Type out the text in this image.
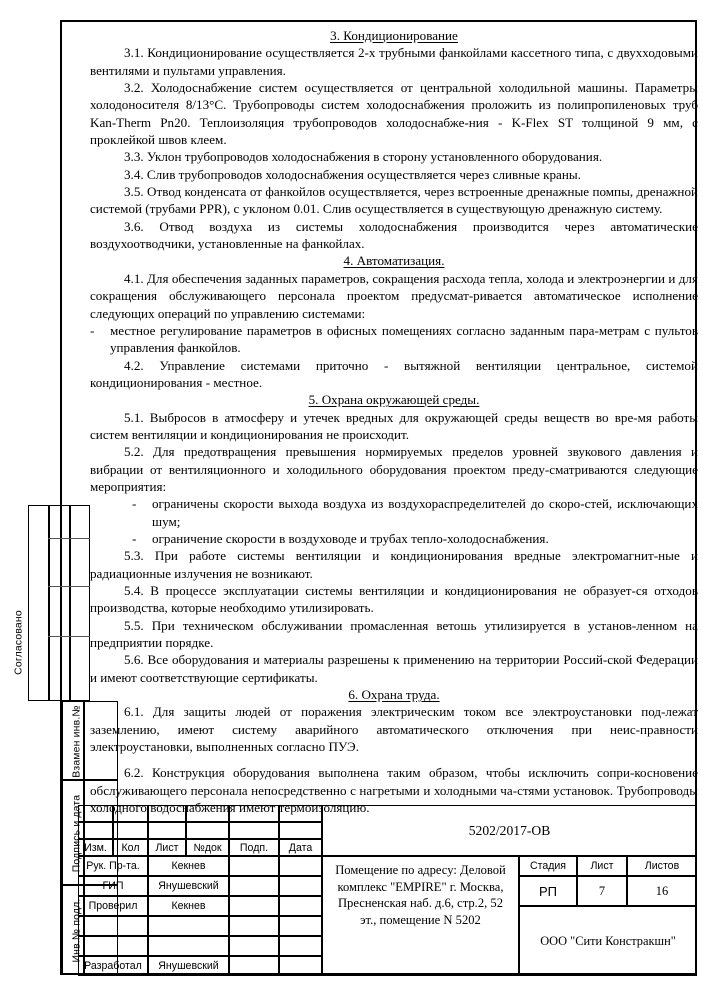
3. Кондиционирование

3.1. Кондиционирование осуществляется 2-х трубными фанкойлами кассетного типа, с двухходовыми вентилями и пультами управления.

3.2. Холодоснабжение систем осуществляется от центральной холодильной машины. Параметры холодоносителя 8/13°С. Трубопроводы систем холодоснабжения проложить из полипропиленовых труб Kan-Therm Pn20. Теплоизоляция трубопроводов холодоснабже-ния - K-Flex ST толщиной 9 мм, с проклейкой швов клеем.

3.3. Уклон трубопроводов холодоснабжения в сторону установленного оборудования.

3.4. Слив трубопроводов холодоснабжения осуществляется через сливные краны.

3.5. Отвод конденсата от фанкойлов осуществляется, через встроенные дренажные помпы, дренажной системой (трубами PPR), с уклоном 0.01. Слив осуществляется в существующую дренажную систему.

3.6. Отвод воздуха из системы холодоснабжения производится через автоматические воздухоотводчики, установленные на фанкойлах.

4. Автоматизация.

4.1. Для обеспечения заданных параметров, сокращения расхода тепла, холода и электроэнергии и для сокращения обслуживающего персонала проектом предусмат-ривается автоматическое исполнение следующих операций по управлению системами:

-	местное регулирование параметров в офисных помещениях согласно заданным пара-метрам с пультов управления фанкойлов.

4.2. Управление системами приточно - вытяжной вентиляции центральное, системой кондиционирования - местное.

5. Охрана окружающей среды.

5.1. Выбросов в атмосферу и утечек вредных для окружающей среды веществ во вре-мя работы систем вентиляции и кондиционирования не происходит.

5.2. Для предотвращения превышения нормируемых пределов уровней звукового давления и вибрации от вентиляционного и холодильного оборудования проектом преду-сматриваются следующие мероприятия:

-	ограничены скорости выхода воздуха из воздухораспределителей до скоро-стей, исключающих шум;
-	ограничение скорости в воздуховоде и трубах тепло-холодоснабжения.

5.3. При работе системы вентиляции и кондиционирования вредные электромагнит-ные и радиационные излучения не возникают.

5.4. В процессе эксплуатации системы вентиляции и кондиционирования не образует-ся отходов производства, которые необходимо утилизировать.

5.5. При техническом обслуживании промасленная ветошь утилизируется в установ-ленном на предприятии порядке.

5.6. Все оборудования и материалы разрешены к применению на территории Россий-ской Федерации и имеют соответствующие сертификаты.

6. Охрана труда.

6.1. Для защиты людей от поражения электрическим током все электроустановки под-лежат заземлению, имеют систему аварийного автоматического отключения при неис-правности электроустановки, выполненных согласно ПУЭ.

6.2. Конструкция оборудования выполнена таким образом, чтобы исключить сопри-косновение обслуживающего персонала непосредственно с нагретыми и холодными ча-стями установок. Трубопроводы холодного водоснабжения имеют термоизоляцию.

Согласовано
Взамен инв.№
Подпись и дата
Инв.№ подл.
Изм.	Кол	Лист	№док	Подп.	Дата
Рук. Пр-та.	Кекнев
ГИП	Янушевский
Проверил	Кекнев
Разработал	Янушевский
5202/2017-ОВ
Помещение по адресу: Деловой комплекс "EMPIRE" г. Москва, Пресненская наб. д.6, стр.2, 52 эт., помещение N 5202
Стадия	Лист	Листов
РП	7	16
ООО "Сити Констракшн"
